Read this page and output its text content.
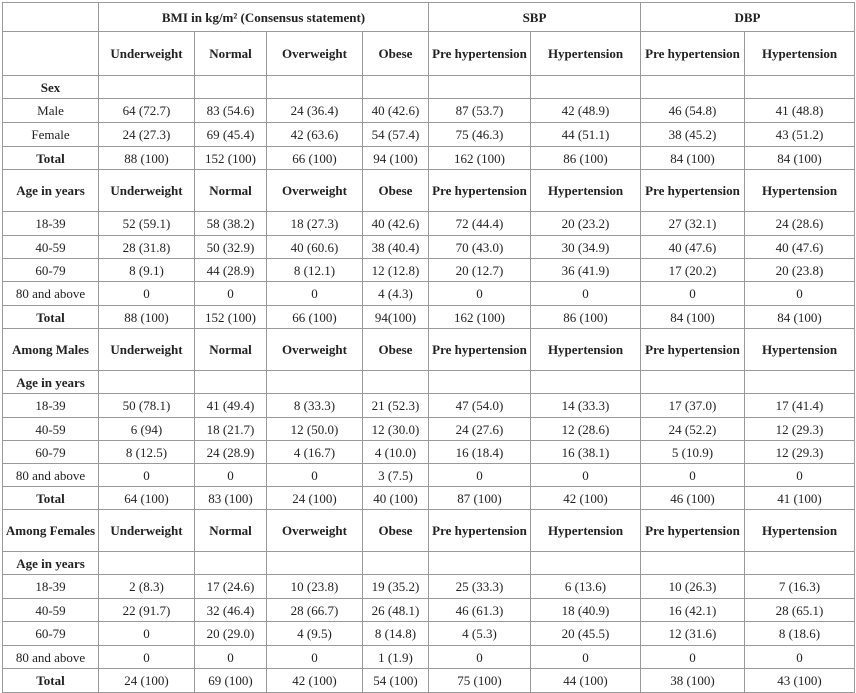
	BMI in kg/m² (Consensus statement)				SBP		DBP	
	Underweight	Normal	Overweight	Obese	Pre hypertension	Hypertension	Pre hypertension	Hypertension
Sex								
Male	64 (72.7)	83 (54.6)	24 (36.4)	40 (42.6)	87 (53.7)	42 (48.9)	46 (54.8)	41 (48.8)
Female	24 (27.3)	69 (45.4)	42 (63.6)	54 (57.4)	75 (46.3)	44 (51.1)	38 (45.2)	43 (51.2)
Total	88 (100)	152 (100)	66 (100)	94 (100)	162 (100)	86 (100)	84 (100)	84 (100)
Age in years	Underweight	Normal	Overweight	Obese	Pre hypertension	Hypertension	Pre hypertension	Hypertension
18-39	52 (59.1)	58 (38.2)	18 (27.3)	40 (42.6)	72 (44.4)	20 (23.2)	27 (32.1)	24 (28.6)
40-59	28 (31.8)	50 (32.9)	40 (60.6)	38 (40.4)	70 (43.0)	30 (34.9)	40 (47.6)	40 (47.6)
60-79	8 (9.1)	44 (28.9)	8 (12.1)	12 (12.8)	20 (12.7)	36 (41.9)	17 (20.2)	20 (23.8)
80 and above	0	0	0	4 (4.3)	0	0	0	0
Total	88 (100)	152 (100)	66 (100)	94(100)	162 (100)	86 (100)	84 (100)	84 (100)
Among Males	Underweight	Normal	Overweight	Obese	Pre hypertension	Hypertension	Pre hypertension	Hypertension
Age in years								
18-39	50 (78.1)	41 (49.4)	8 (33.3)	21 (52.3)	47 (54.0)	14 (33.3)	17 (37.0)	17 (41.4)
40-59	6 (94)	18 (21.7)	12 (50.0)	12 (30.0)	24 (27.6)	12 (28.6)	24 (52.2)	12 (29.3)
60-79	8 (12.5)	24 (28.9)	4 (16.7)	4 (10.0)	16 (18.4)	16 (38.1)	5 (10.9)	12 (29.3)
80 and above	0	0	0	3 (7.5)	0	0	0	0
Total	64 (100)	83 (100)	24 (100)	40 (100)	87 (100)	42 (100)	46 (100)	41 (100)
Among Females	Underweight	Normal	Overweight	Obese	Pre hypertension	Hypertension	Pre hypertension	Hypertension
Age in years								
18-39	2 (8.3)	17 (24.6)	10 (23.8)	19 (35.2)	25 (33.3)	6 (13.6)	10 (26.3)	7 (16.3)
40-59	22 (91.7)	32 (46.4)	28 (66.7)	26 (48.1)	46 (61.3)	18 (40.9)	16 (42.1)	28 (65.1)
60-79	0	20 (29.0)	4 (9.5)	8 (14.8)	4 (5.3)	20 (45.5)	12 (31.6)	8 (18.6)
80 and above	0	0	0	1 (1.9)	0	0	0	0
Total	24 (100)	69 (100)	42 (100)	54 (100)	75 (100)	44 (100)	38 (100)	43 (100)
